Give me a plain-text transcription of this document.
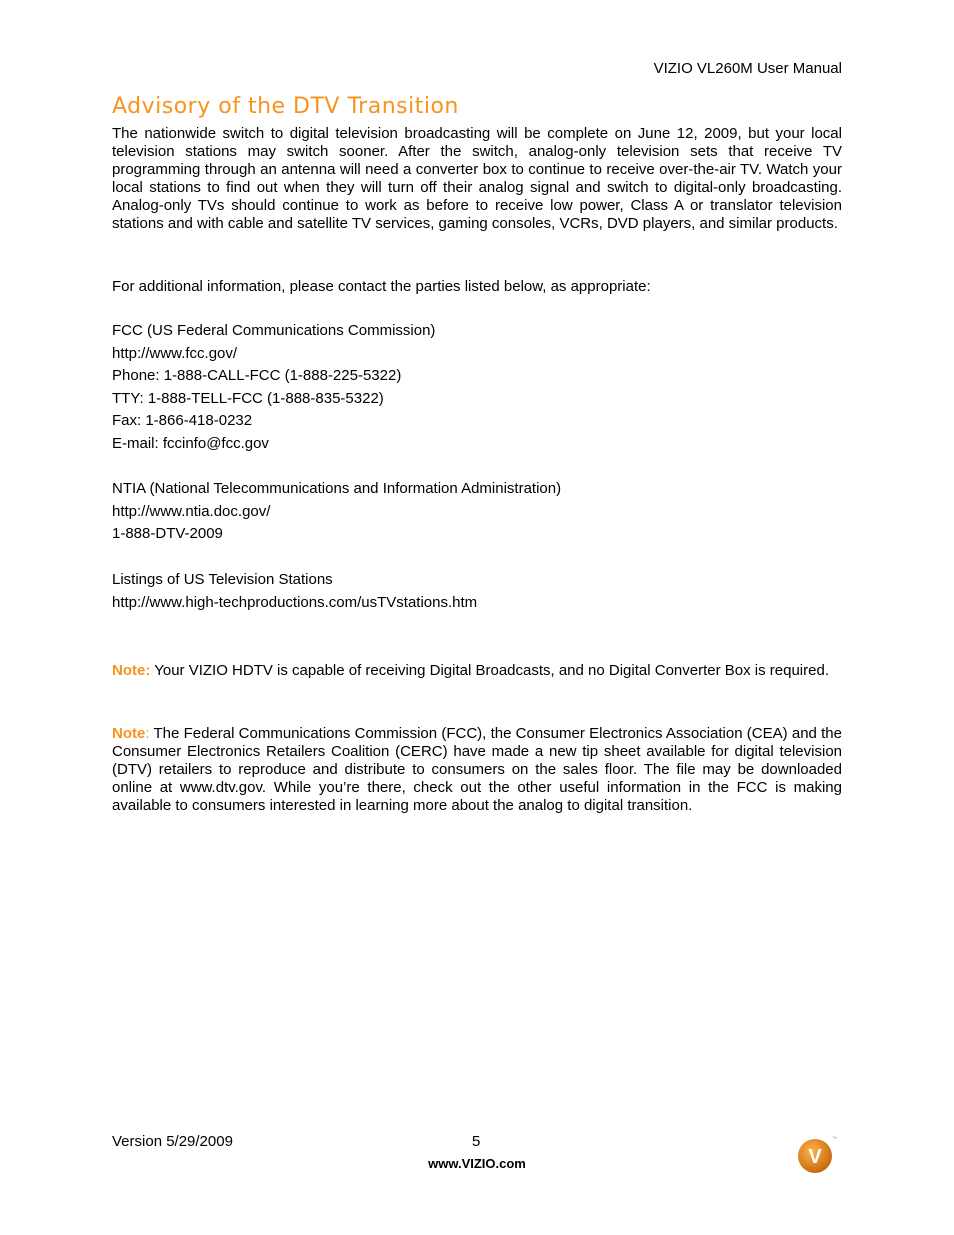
VIZIO VL260M User Manual
Advisory of the DTV Transition

The nationwide switch to digital television broadcasting will be complete on June 12, 2009, but your local television stations may switch sooner. After the switch, analog-only television sets that receive TV programming through an antenna will need a converter box to continue to receive over-the-air TV. Watch your local stations to find out when they will turn off their analog signal and switch to digital-only broadcasting. Analog-only TVs should continue to work as before to receive low power, Class A or translator television stations and with cable and satellite TV services, gaming consoles, VCRs, DVD players, and similar products.

For additional information, please contact the parties listed below, as appropriate:

FCC (US Federal Communications Commission)
http://www.fcc.gov/
Phone: 1-888-CALL-FCC (1-888-225-5322)
TTY: 1-888-TELL-FCC (1-888-835-5322)
Fax: 1-866-418-0232
E-mail: fccinfo@fcc.gov
NTIA (National Telecommunications and Information Administration)
http://www.ntia.doc.gov/
1-888-DTV-2009
Listings of US Television Stations
http://www.high-techproductions.com/usTVstations.htm

Note: Your VIZIO HDTV is capable of receiving Digital Broadcasts, and no Digital Converter Box is required.

Note: The Federal Communications Commission (FCC), the Consumer Electronics Association (CEA) and the Consumer Electronics Retailers Coalition (CERC) have made a new tip sheet available for digital television (DTV) retailers to reproduce and distribute to consumers on the sales floor. The file may be downloaded online at www.dtv.gov. While you’re there, check out the other useful information in the FCC is making available to consumers interested in learning more about the analog to digital transition.

Version 5/29/2009	5
www.VIZIO.com	V
™
